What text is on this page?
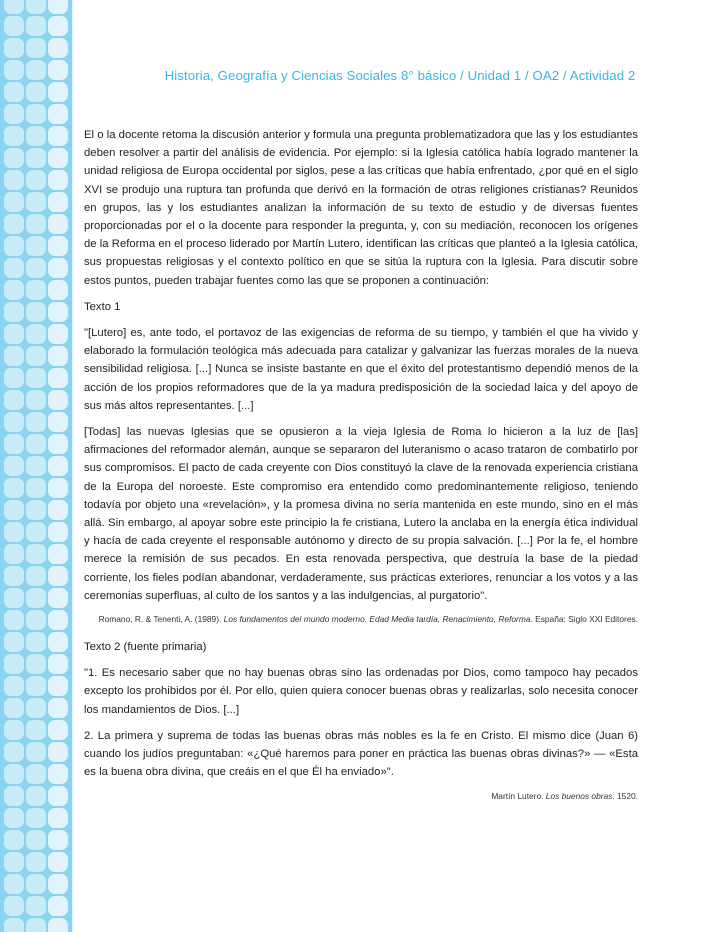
Historia, Geografía y Ciencias Sociales 8° básico / Unidad 1 / OA2 / Actividad 2

El o la docente retoma la discusión anterior y formula una pregunta problematizadora que las y los estudiantes deben resolver a partir del análisis de evidencia. Por ejemplo: si la Iglesia católica había logrado mantener la unidad religiosa de Europa occidental por siglos, pese a las críticas que había enfrentado, ¿por qué en el siglo XVI se produjo una ruptura tan profunda que derivó en la formación de otras religiones cristianas? Reunidos en grupos, las y los estudiantes analizan la información de su texto de estudio y de diversas fuentes proporcionadas por el o la docente para responder la pregunta, y, con su mediación, reconocen los orígenes de la Reforma en el proceso liderado por Martín Lutero, identifican las críticas que planteó a la Iglesia católica, sus propuestas religiosas y el contexto político en que se sitúa la ruptura con la Iglesia. Para discutir sobre estos puntos, pueden trabajar fuentes como las que se proponen a continuación:

Texto 1

"[Lutero] es, ante todo, el portavoz de las exigencias de reforma de su tiempo, y también el que ha vivido y elaborado la formulación teológica más adecuada para catalizar y galvanizar las fuerzas morales de la nueva sensibilidad religiosa. [...] Nunca se insiste bastante en que el éxito del protestantismo dependió menos de la acción de los propios reformadores que de la ya madura predisposición de la sociedad laica y del apoyo de sus más altos representantes. [...]

[Todas] las nuevas Iglesias que se opusieron a la vieja Iglesia de Roma lo hicieron a la luz de [las] afirmaciones del reformador alemán, aunque se separaron del luteranismo o acaso trataron de combatirlo por sus compromisos. El pacto de cada creyente con Dios constituyó la clave de la renovada experiencia cristiana de la Europa del noroeste. Este compromiso era entendido como predominantemente religioso, teniendo todavía por objeto una «revelación», y la promesa divina no sería mantenida en este mundo, sino en el más allá. Sin embargo, al apoyar sobre este principio la fe cristiana, Lutero la anclaba en la energía ética individual y hacía de cada creyente el responsable autónomo y directo de su propia salvación. [...] Por la fe, el hombre merece la remisión de sus pecados. En esta renovada perspectiva, que destruía la base de la piedad corriente, los fieles podían abandonar, verdaderamente, sus prácticas exteriores, renunciar a los votos y a las ceremonias superfluas, al culto de los santos y a las indulgencias, al purgatorio".

Romano, R. & Tenenti, A. (1989). Los fundamentos del mundo moderno. Edad Media tardía, Renacimiento, Reforma. España: Siglo XXI Editores.

Texto 2 (fuente primaria)

"1. Es necesario saber que no hay buenas obras sino las ordenadas por Dios, como tampoco hay pecados excepto los prohibidos por él. Por ello, quien quiera conocer buenas obras y realizarlas, solo necesita conocer los mandamientos de Dios. [...]

2. La primera y suprema de todas las buenas obras más nobles es la fe en Cristo. El mismo dice (Juan 6) cuando los judíos preguntaban: «¿Qué haremos para poner en práctica las buenas obras divinas?» — «Esta es la buena obra divina, que creáis en el que Él ha enviado»".

Martín Lutero. Los buenos obras. 1520.
